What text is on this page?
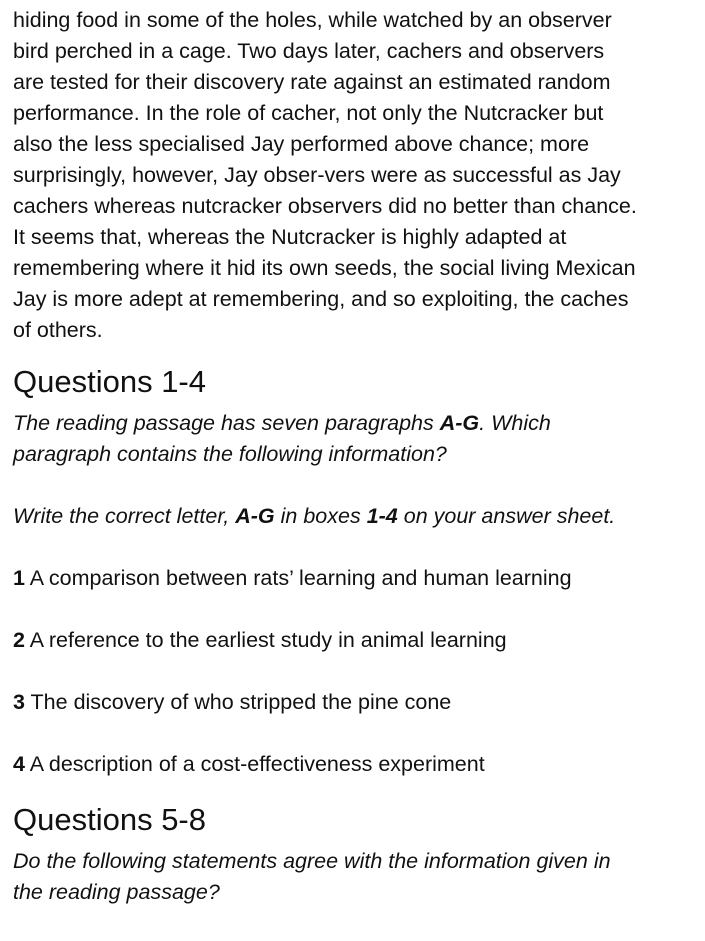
hiding food in some of the holes, while watched by an observer
bird perched in a cage. Two days later, cachers and observers
are tested for their discovery rate against an estimated random
performance. In the role of cacher, not only the Nutcracker but
also the less specialised Jay performed above chance; more
surprisingly, however, Jay obser-vers were as successful as Jay
cachers whereas nutcracker observers did no better than chance.
It seems that, whereas the Nutcracker is highly adapted at
remembering where it hid its own seeds, the social living Mexican
Jay is more adept at remembering, and so exploiting, the caches
of others.

Questions 1-4

The reading passage has seven paragraphs A-G. Which
paragraph contains the following information?

Write the correct letter, A-G in boxes 1-4 on your answer sheet.

1 A comparison between rats’ learning and human learning
2 A reference to the earliest study in animal learning
3 The discovery of who stripped the pine cone
4 A description of a cost-effectiveness experiment
Questions 5-8

Do the following statements agree with the information given in
the reading passage?
